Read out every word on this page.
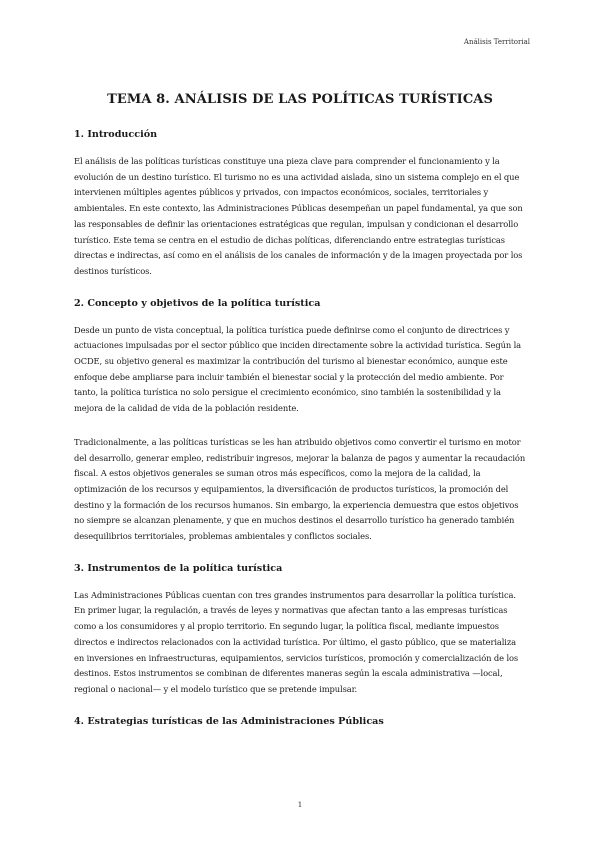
Análisis Territorial
TEMA 8. ANÁLISIS DE LAS POLÍTICAS TURÍSTICAS
1. Introducción

El análisis de las políticas turísticas constituye una pieza clave para comprender el funcionamiento y la evolución de un destino turístico. El turismo no es una actividad aislada, sino un sistema complejo en el que intervienen múltiples agentes públicos y privados, con impactos económicos, sociales, territoriales y ambientales. En este contexto, las Administraciones Públicas desempeñan un papel fundamental, ya que son las responsables de definir las orientaciones estratégicas que regulan, impulsan y condicionan el desarrollo turístico. Este tema se centra en el estudio de dichas políticas, diferenciando entre estrategias turísticas directas e indirectas, así como en el análisis de los canales de información y de la imagen proyectada por los destinos turísticos.

2. Concepto y objetivos de la política turística

Desde un punto de vista conceptual, la política turística puede definirse como el conjunto de directrices y actuaciones impulsadas por el sector público que inciden directamente sobre la actividad turística. Según la OCDE, su objetivo general es maximizar la contribución del turismo al bienestar económico, aunque este enfoque debe ampliarse para incluir también el bienestar social y la protección del medio ambiente. Por tanto, la política turística no solo persigue el crecimiento económico, sino también la sostenibilidad y la mejora de la calidad de vida de la población residente.

Tradicionalmente, a las políticas turísticas se les han atribuido objetivos como convertir el turismo en motor del desarrollo, generar empleo, redistribuir ingresos, mejorar la balanza de pagos y aumentar la recaudación fiscal. A estos objetivos generales se suman otros más específicos, como la mejora de la calidad, la optimización de los recursos y equipamientos, la diversificación de productos turísticos, la promoción del destino y la formación de los recursos humanos. Sin embargo, la experiencia demuestra que estos objetivos no siempre se alcanzan plenamente, y que en muchos destinos el desarrollo turístico ha generado también desequilibrios territoriales, problemas ambientales y conflictos sociales.

3. Instrumentos de la política turística

Las Administraciones Públicas cuentan con tres grandes instrumentos para desarrollar la política turística. En primer lugar, la regulación, a través de leyes y normativas que afectan tanto a las empresas turísticas como a los consumidores y al propio territorio. En segundo lugar, la política fiscal, mediante impuestos directos e indirectos relacionados con la actividad turística. Por último, el gasto público, que se materializa en inversiones en infraestructuras, equipamientos, servicios turísticos, promoción y comercialización de los destinos. Estos instrumentos se combinan de diferentes maneras según la escala administrativa —local, regional o nacional— y el modelo turístico que se pretende impulsar.

4. Estrategias turísticas de las Administraciones Públicas
1
